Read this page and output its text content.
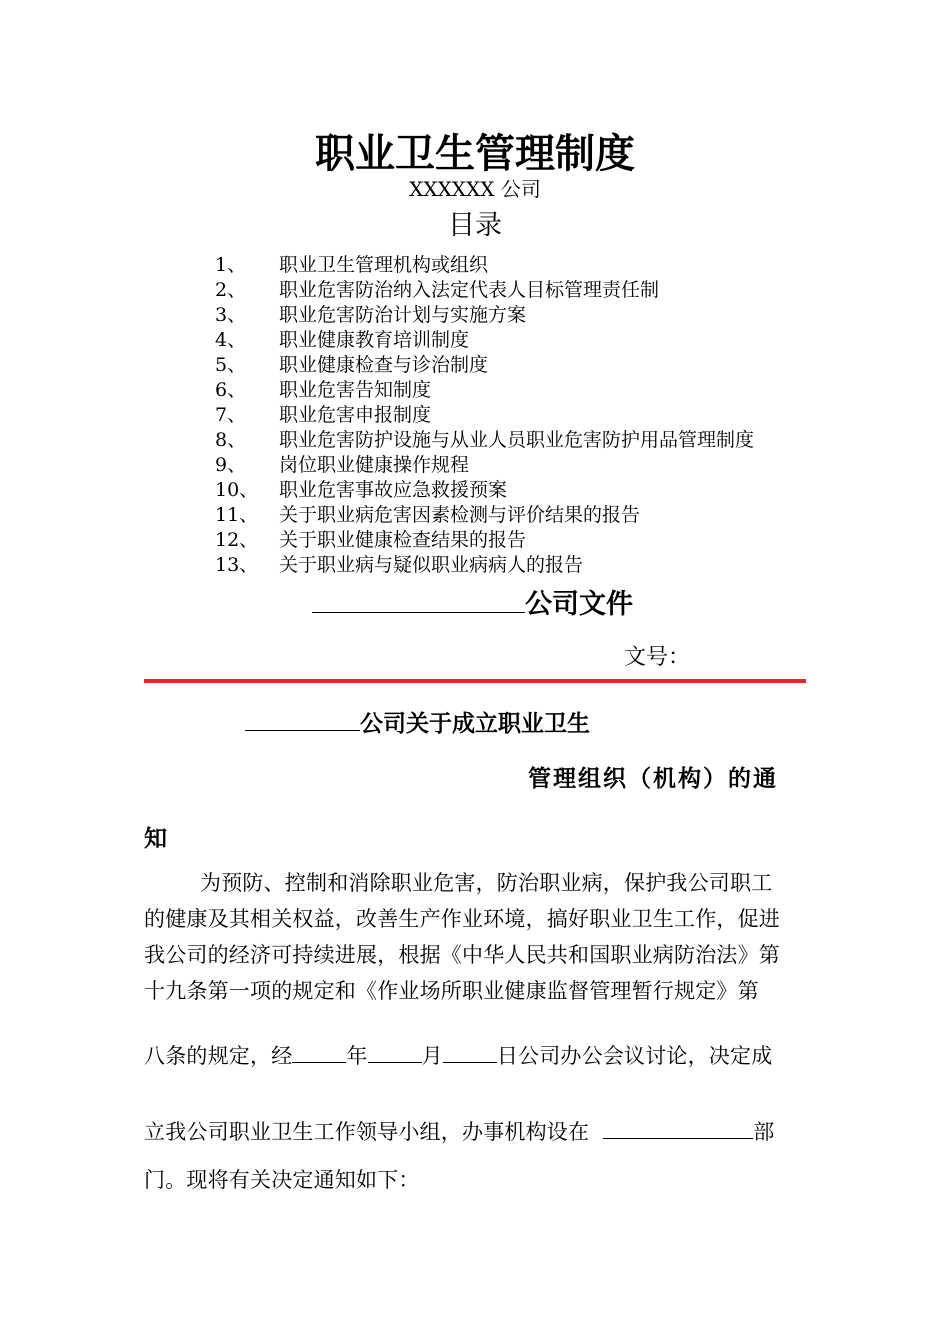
职业卫生管理制度
XXXXXX 公司
目录
1、 职业卫生管理机构或组织
2、 职业危害防治纳入法定代表人目标管理责任制
3、 职业危害防治计划与实施方案
4、 职业健康教育培训制度
5、 职业健康检查与诊治制度
6、 职业危害告知制度
7、 职业危害申报制度
8、 职业危害防护设施与从业人员职业危害防护用品管理制度
9、 岗位职业健康操作规程
10、 职业危害事故应急救援预案
11、 关于职业病危害因素检测与评价结果的报告
12、 关于职业健康检查结果的报告
13、 关于职业病与疑似职业病病人的报告
公司文件
文号：
公司关于成立职业卫生
管理组织（机构）的通
知
为预防、控制和消除职业危害，防治职业病，保护我公司职工
的健康及其相关权益，改善生产作业环境，搞好职业卫生工作，促进
我公司的经济可持续进展，根据《中华人民共和国职业病防治法》第
十九条第一项的规定和《作业场所职业健康监督管理暂行规定》第
八条的规定，经	年	月	日公司办公会议讨论，决定成
立我公司职业卫生工作领导小组，办事机构设在	部
门。现将有关决定通知如下：
